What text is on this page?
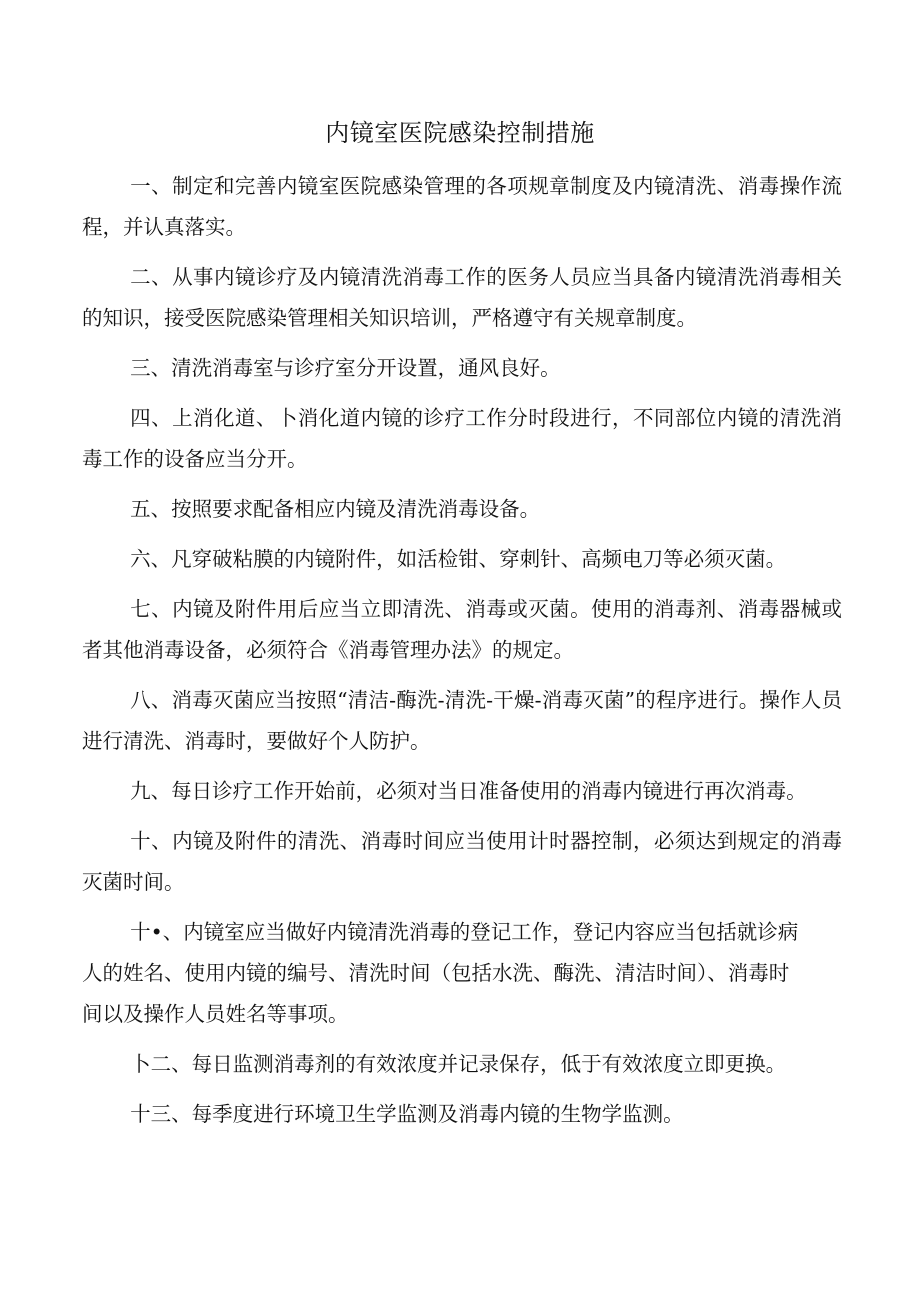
内镜室医院感染控制措施

一、制定和完善内镜室医院感染管理的各项规章制度及内镜清洗、消毒操作流程，并认真落实。

二、从事内镜诊疗及内镜清洗消毒工作的医务人员应当具备内镜清洗消毒相关的知识，接受医院感染管理相关知识培训，严格遵守有关规章制度。

三、清洗消毒室与诊疗室分开设置，通风良好。

四、上消化道、卜消化道内镜的诊疗工作分时段进行，不同部位内镜的清洗消毒工作的设备应当分开。

五、按照要求配备相应内镜及清洗消毒设备。

六、凡穿破粘膜的内镜附件，如活检钳、穿刺针、高频电刀等必须灭菌。

七、内镜及附件用后应当立即清洗、消毒或灭菌。使用的消毒剂、消毒器械或者其他消毒设备，必须符合《消毒管理办法》的规定。

八、消毒灭菌应当按照“清洁-酶洗-清洗-干燥-消毒灭菌”的程序进行。操作人员进行清洗、消毒时，要做好个人防护。

九、每日诊疗工作开始前，必须对当日准备使用的消毒内镜进行再次消毒。

十、内镜及附件的清洗、消毒时间应当使用计时器控制，必须达到规定的消毒灭菌时间。

十•、内镜室应当做好内镜清洗消毒的登记工作，登记内容应当包括就诊病人的姓名、使用内镜的编号、清洗时间（包括水洗、酶洗、清洁时间）、消毒时间以及操作人员姓名等事项。

卜二、每日监测消毒剂的有效浓度并记录保存，低于有效浓度立即更换。

十三、每季度进行环境卫生学监测及消毒内镜的生物学监测。
